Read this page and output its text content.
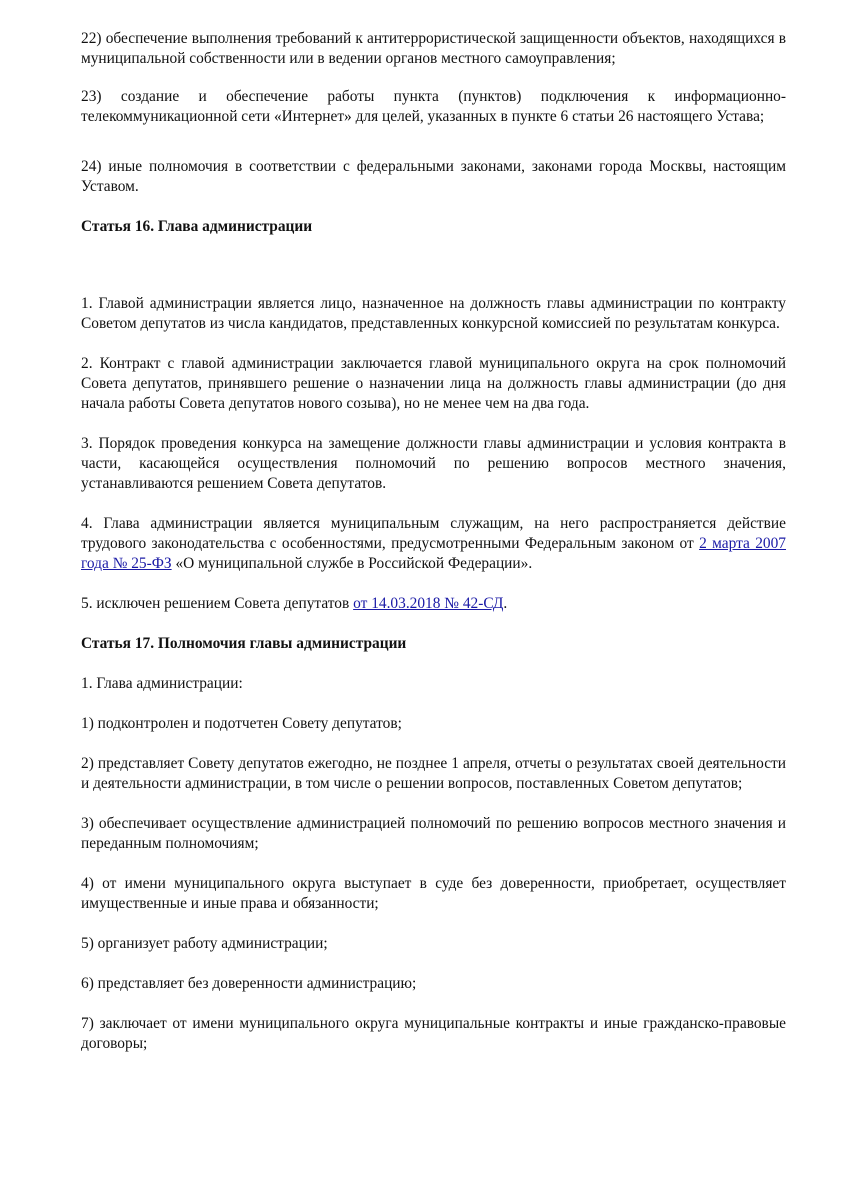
22) обеспечение выполнения требований к антитеррористической защищенности объектов, находящихся в муниципальной собственности или в ведении органов местного самоуправления;

23) создание и обеспечение работы пункта (пунктов) подключения к информационно-телекоммуникационной сети «Интернет» для целей, указанных в пункте 6 статьи 26 настоящего Устава;

24) иные полномочия в соответствии с федеральными законами, законами города Москвы, настоящим Уставом.

Статья 16. Глава администрации

1. Главой администрации является лицо, назначенное на должность главы администрации по контракту Советом депутатов из числа кандидатов, представленных конкурсной комиссией по результатам конкурса.

2. Контракт с главой администрации заключается главой муниципального округа на срок полномочий Совета депутатов, принявшего решение о назначении лица на должность главы администрации (до дня начала работы Совета депутатов нового созыва), но не менее чем на два года.

3. Порядок проведения конкурса на замещение должности главы администрации и условия контракта в части, касающейся осуществления полномочий по решению вопросов местного значения, устанавливаются решением Совета депутатов.

4. Глава администрации является муниципальным служащим, на него распространяется действие трудового законодательства с особенностями, предусмотренными Федеральным законом от 2 марта 2007 года № 25-ФЗ «О муниципальной службе в Российской Федерации».

5. исключен решением Совета депутатов от 14.03.2018 № 42-СД.

Статья 17. Полномочия главы администрации

1. Глава администрации:

1) подконтролен и подотчетен Совету депутатов;

2) представляет Совету депутатов ежегодно, не позднее 1 апреля, отчеты о результатах своей деятельности и деятельности администрации, в том числе о решении вопросов, поставленных Советом депутатов;

3) обеспечивает осуществление администрацией полномочий по решению вопросов местного значения и переданным полномочиям;

4) от имени муниципального округа выступает в суде без доверенности, приобретает, осуществляет имущественные и иные права и обязанности;

5) организует работу администрации;

6) представляет без доверенности администрацию;

7) заключает от имени муниципального округа муниципальные контракты и иные гражданско-правовые договоры;
